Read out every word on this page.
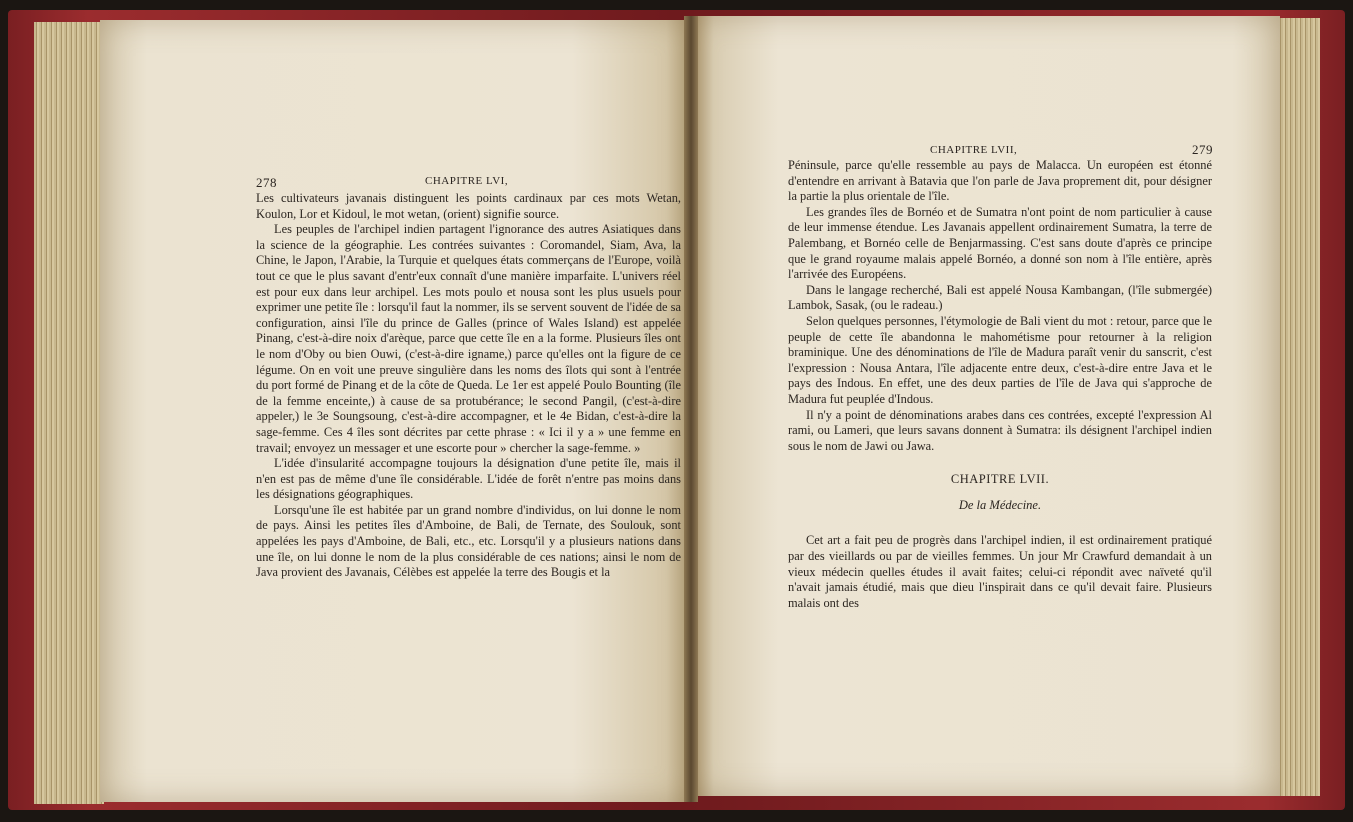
278	CHAPITRE LVI,

Les cultivateurs javanais distinguent les points cardinaux par ces mots Wetan, Koulon, Lor et Kidoul, le mot wetan, (orient) signifie source.

Les peuples de l'archipel indien partagent l'ignorance des autres Asiatiques dans la science de la géographie. Les contrées suivantes : Coromandel, Siam, Ava, la Chine, le Japon, l'Arabie, la Turquie et quelques états commerçans de l'Europe, voilà tout ce que le plus savant d'entr'eux connaît d'une manière imparfaite. L'univers réel est pour eux dans leur archipel. Les mots poulo et nousa sont les plus usuels pour exprimer une petite île : lorsqu'il faut la nommer, ils se servent souvent de l'idée de sa configuration, ainsi l'île du prince de Galles (prince of Wales Island) est appelée Pinang, c'est-à-dire noix d'arèque, parce que cette île en a la forme. Plusieurs îles ont le nom d'Oby ou bien Ouwi, (c'est-à-dire igname,) parce qu'elles ont la figure de ce légume. On en voit une preuve singulière dans les noms des îlots qui sont à l'entrée du port formé de Pinang et de la côte de Queda. Le 1er est appelé Poulo Bounting (île de la femme enceinte,) à cause de sa protubérance; le second Pangil, (c'est-à-dire appeler,) le 3e Soungsoung, c'est-à-dire accompagner, et le 4e Bidan, c'est-à-dire la sage-femme. Ces 4 îles sont décrites par cette phrase : « Ici il y a » une femme en travail; envoyez un messager et une escorte pour » chercher la sage-femme. »

L'idée d'insularité accompagne toujours la désignation d'une petite île, mais il n'en est pas de même d'une île considérable. L'idée de forêt n'entre pas moins dans les désignations géographiques.

Lorsqu'une île est habitée par un grand nombre d'individus, on lui donne le nom de pays. Ainsi les petites îles d'Amboine, de Bali, de Ternate, des Soulouk, sont appelées les pays d'Amboine, de Bali, etc., etc. Lorsqu'il y a plusieurs nations dans une île, on lui donne le nom de la plus considérable de ces nations; ainsi le nom de Java provient des Javanais, Célèbes est appelée la terre des Bougis et la

CHAPITRE LVII,	279

Péninsule, parce qu'elle ressemble au pays de Malacca. Un européen est étonné d'entendre en arrivant à Batavia que l'on parle de Java proprement dit, pour désigner la partie la plus orientale de l'île.

Les grandes îles de Bornéo et de Sumatra n'ont point de nom particulier à cause de leur immense étendue. Les Javanais appellent ordinairement Sumatra, la terre de Palembang, et Bornéo celle de Benjarmassing. C'est sans doute d'après ce principe que le grand royaume malais appelé Bornéo, a donné son nom à l'île entière, après l'arrivée des Européens.

Dans le langage recherché, Bali est appelé Nousa Kambangan, (l'île submergée) Lambok, Sasak, (ou le radeau.)

Selon quelques personnes, l'étymologie de Bali vient du mot : retour, parce que le peuple de cette île abandonna le mahométisme pour retourner à la religion braminique. Une des dénominations de l'île de Madura paraît venir du sanscrit, c'est l'expression : Nousa Antara, l'île adjacente entre deux, c'est-à-dire entre Java et le pays des Indous. En effet, une des deux parties de l'île de Java qui s'approche de Madura fut peuplée d'Indous.

Il n'y a point de dénominations arabes dans ces contrées, excepté l'expression Al rami, ou Lameri, que leurs savans donnent à Sumatra: ils désignent l'archipel indien sous le nom de Jawi ou Jawa.

CHAPITRE LVII.
De la Médecine.

Cet art a fait peu de progrès dans l'archipel indien, il est ordinairement pratiqué par des vieillards ou par de vieilles femmes. Un jour Mr Crawfurd demandait à un vieux médecin quelles études il avait faites; celui-ci répondit avec naïveté qu'il n'avait jamais étudié, mais que dieu l'inspirait dans ce qu'il devait faire. Plusieurs malais ont des
